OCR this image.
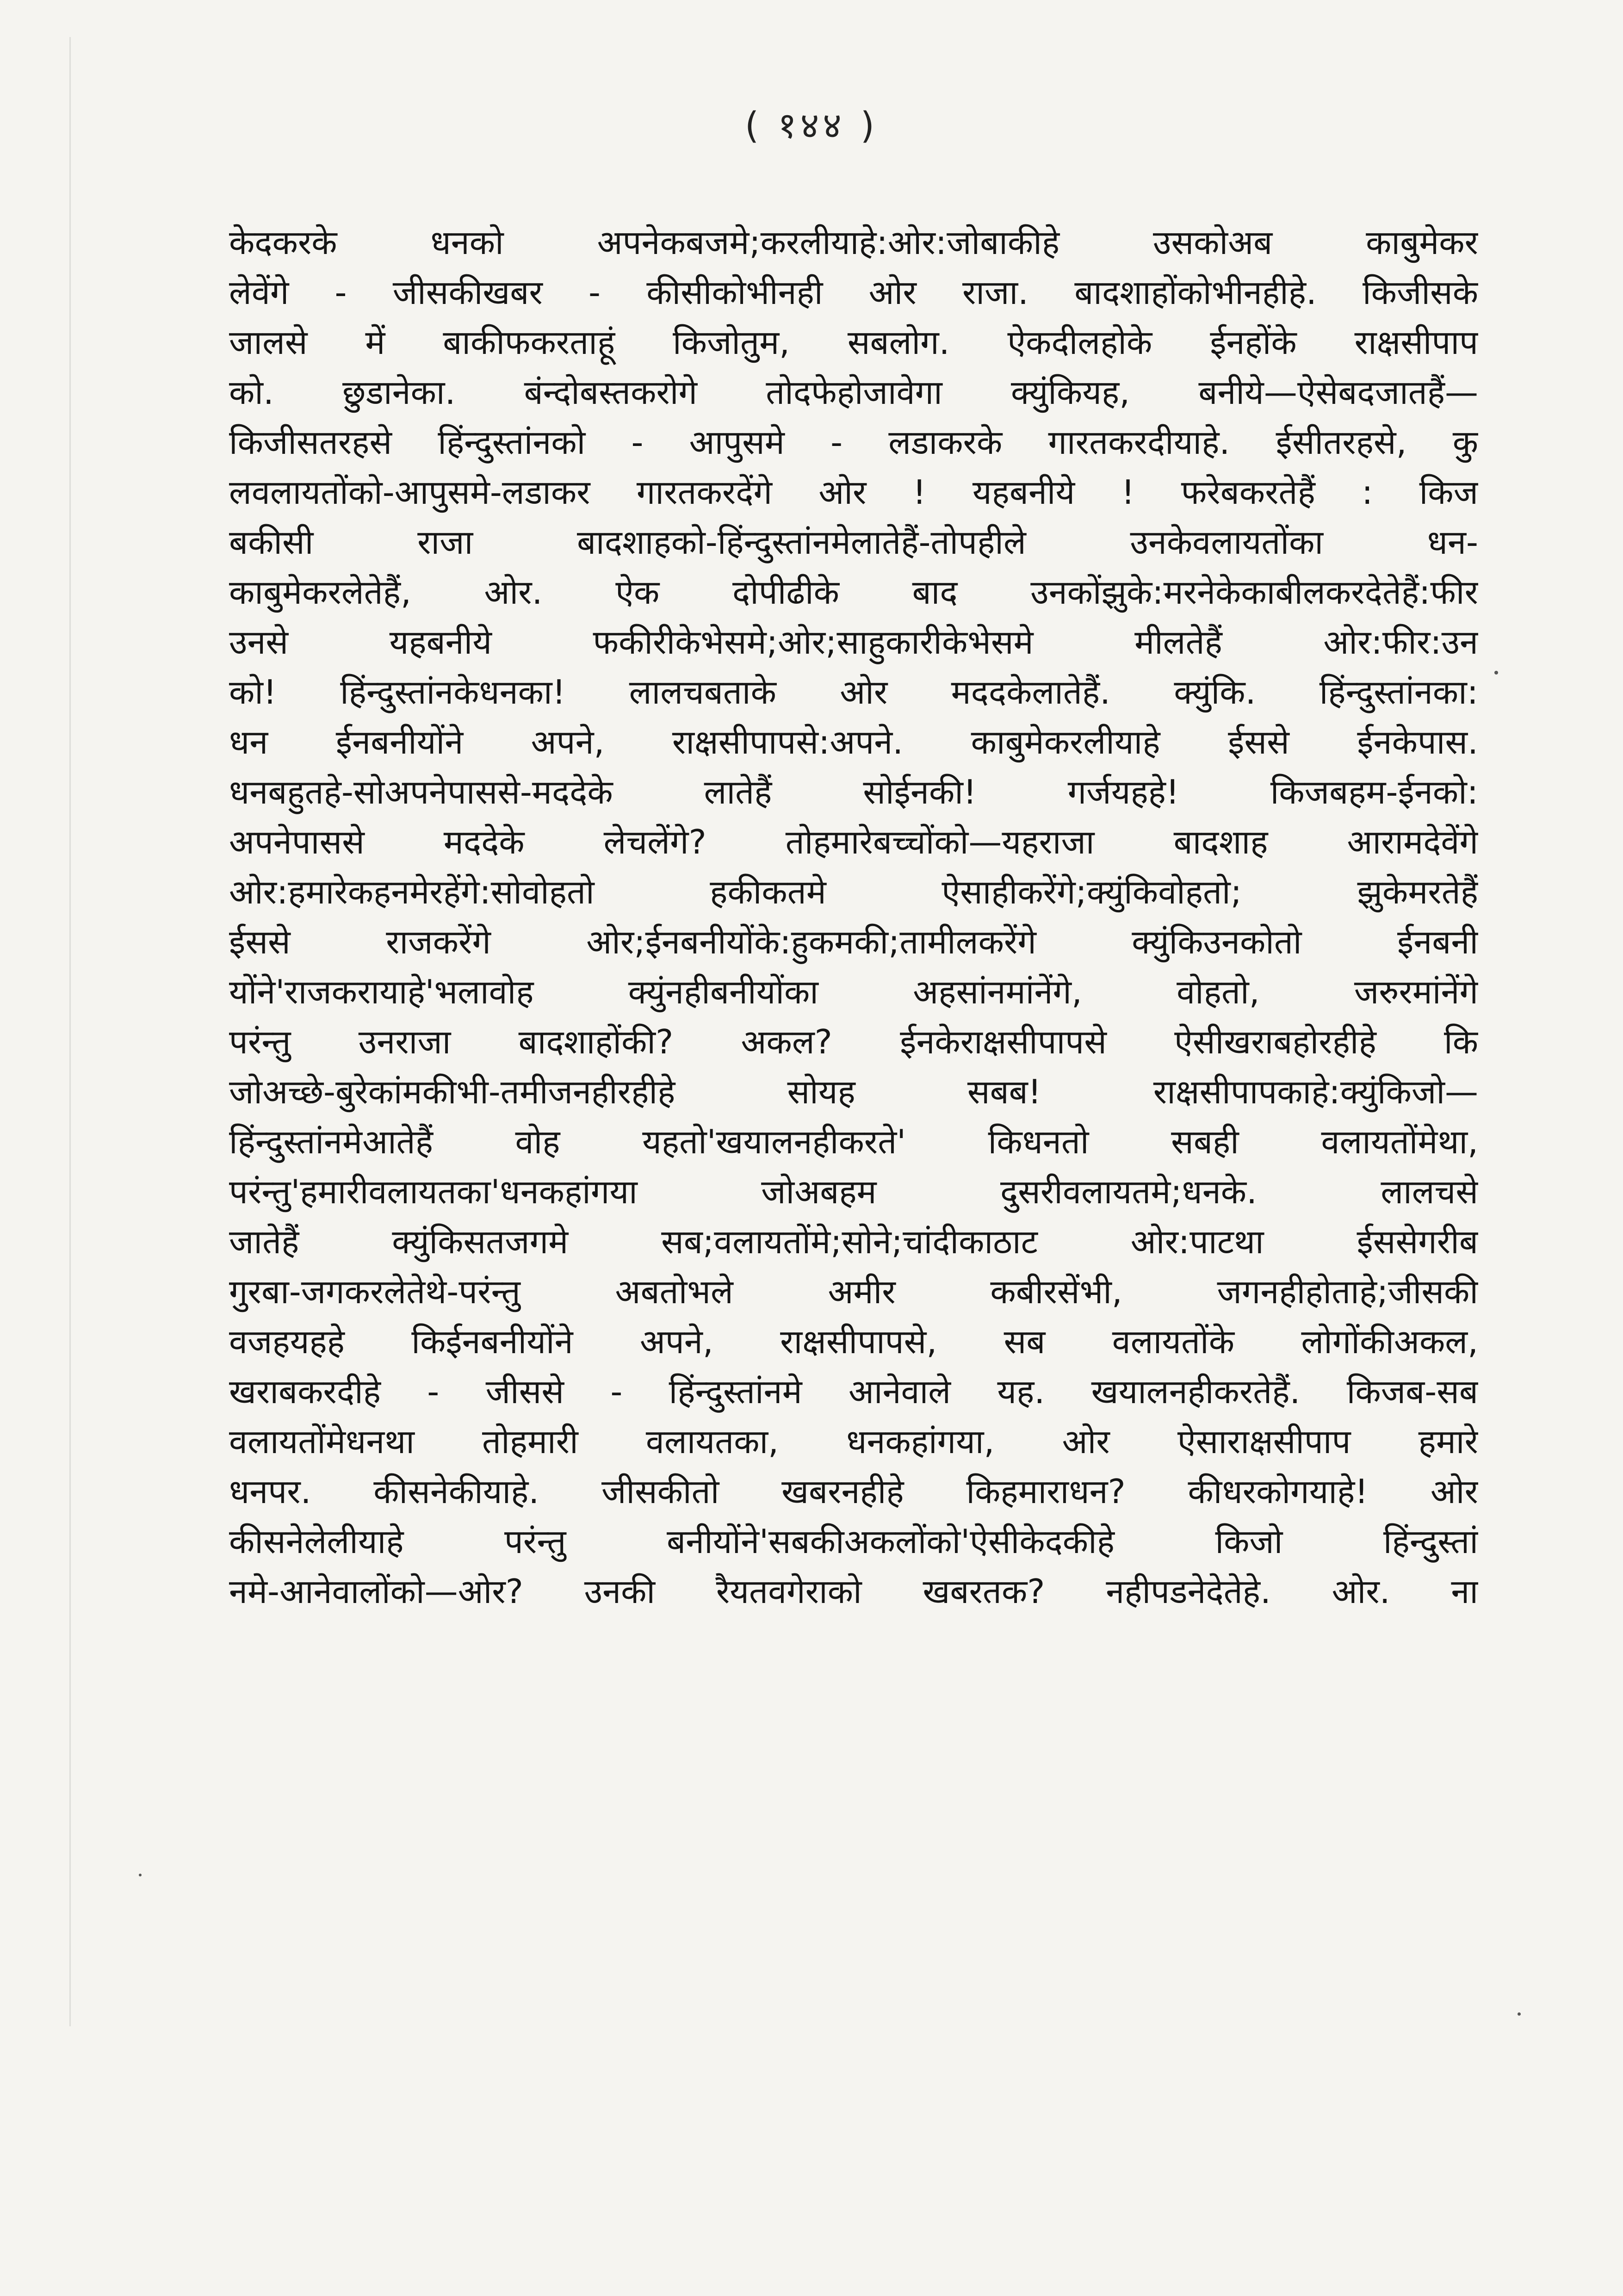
( १४४ )
केदकरके धनको अपनेकबजमे;करलीयाहे:ओर:जोबाकीहे उसकोअब काबुमेकर
लेवेंगे - जीसकीखबर - कीसीकोभीनही ओर राजा. बादशाहोंकोभीनहीहे. किजीसके
जालसे में बाकीफकरताहूं किजोतुम, सबलोग. ऐकदीलहोके ईनहोंके राक्षसीपाप
को. छुडानेका. बंन्दोबस्तकरोगे तोदफेहोजावेगा क्युंकियह, बनीये—ऐसेबदजातहैं—
किजीसतरहसे हिंन्दुस्तांनको - आपुसमे - लडाकरके गारतकरदीयाहे. ईसीतरहसे, कु
लवलायतोंको-आपुसमे-लडाकर गारतकरदेंगे ओर ! यहबनीये ! फरेबकरतेहैं : किज
बकीसी राजा बादशाहको-हिंन्दुस्तांनमेलातेहैं-तोपहीले उनकेवलायतोंका धन-
काबुमेकरलेतेहैं, ओर. ऐक दोपीढीके बाद उनकोंझुके:मरनेकेकाबीलकरदेतेहैं:फीर
उनसे यहबनीये फकीरीकेभेसमे;ओर;साहुकारीकेभेसमे मीलतेहैं ओर:फीर:उन
को! हिंन्दुस्तांनकेधनका! लालचबताके ओर मददकेलातेहैं. क्युंकि. हिंन्दुस्तांनका:
धन ईनबनीयोंने अपने, राक्षसीपापसे:अपने. काबुमेकरलीयाहे ईससे ईनकेपास.
धनबहुतहे-सोअपनेपाससे-मददेके लातेहैं सोईनकी! गर्जयहहे! किजबहम-ईनको:
अपनेपाससे मददेके लेचलेंगे? तोहमारेबच्चोंको—यहराजा बादशाह आरामदेवेंगे
ओर:हमारेकहनमेरहेंगे:सोवोहतो हकीकतमे ऐसाहीकरेंगे;क्युंकिवोहतो; झुकेमरतेहैं
ईससे राजकरेंगे ओर;ईनबनीयोंके:हुकमकी;तामीलकरेंगे क्युंकिउनकोतो ईनबनी
योंने'राजकरायाहे'भलावोह क्युंनहीबनीयोंका अहसांनमांनेंगे, वोहतो, जरुरमांनेंगे
परंन्तु उनराजा बादशाहोंकी? अकल? ईनकेराक्षसीपापसे ऐसीखराबहोरहीहे कि
जोअच्छे-बुरेकांमकीभी-तमीजनहीरहीहे सोयह सबब! राक्षसीपापकाहे:क्युंकिजो—
हिंन्दुस्तांनमेआतेहैं वोह यहतो'खयालनहीकरते' किधनतो सबही वलायतोंमेथा,
परंन्तु'हमारीवलायतका'धनकहांगया जोअबहम दुसरीवलायतमे;धनके. लालचसे
जातेहैं क्युंकिसतजगमे सब;वलायतोंमे;सोने;चांदीकाठाट ओर:पाटथा ईससेगरीब
गुरबा-जगकरलेतेथे-परंन्तु अबतोभले अमीर कबीरसेंभी, जगनहीहोताहे;जीसकी
वजहयहहे किईनबनीयोंने अपने, राक्षसीपापसे, सब वलायतोंके लोगोंकीअकल,
खराबकरदीहे - जीससे - हिंन्दुस्तांनमे आनेवाले यह. खयालनहीकरतेहैं. किजब-सब
वलायतोंमेधनथा तोहमारी वलायतका, धनकहांगया, ओर ऐसाराक्षसीपाप हमारे
धनपर. कीसनेकीयाहे. जीसकीतो खबरनहीहे किहमाराधन? कीधरकोगयाहे! ओर
कीसनेलेलीयाहे परंन्तु बनीयोंने'सबकीअकलोंको'ऐसीकेदकीहे किजो हिंन्दुस्तां
नमे-आनेवालोंको—ओर? उनकी रैयतवगेराको खबरतक? नहीपडनेदेतेहे. ओर. ना
